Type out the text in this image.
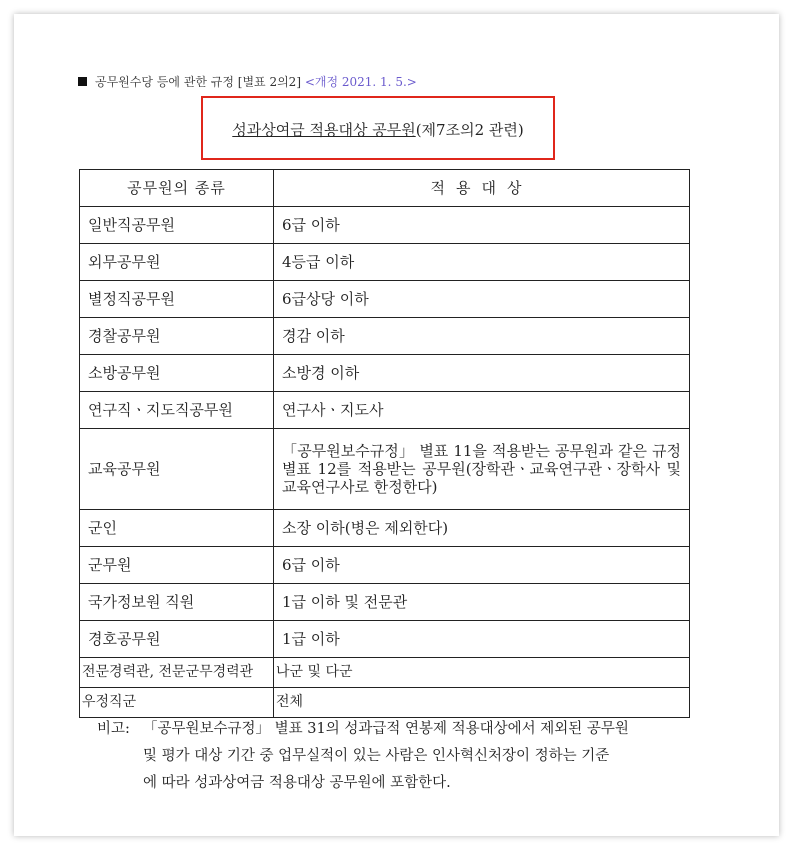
공무원수당 등에 관한 규정 [별표 2의2] <개정 2021. 1. 5.>
성과상여금 적용대상 공무원(제7조의2 관련)
공무원의 종류	적용대상
일반직공무원	6급 이하
외무공무원	4등급 이하
별정직공무원	6급상당 이하
경찰공무원	경감 이하
소방공무원	소방경 이하
연구직ㆍ지도직공무원	연구사ㆍ지도사
교육공무원	「공무원보수규정」 별표 11을 적용받는 공무원과 같은 규정 별표 12를 적용받는 공무원(장학관ㆍ교육연구관ㆍ장학사 및 교육연구사로 한정한다)
군인	소장 이하(병은 제외한다)
군무원	6급 이하
국가정보원 직원	1급 이하 및 전문관
경호공무원	1급 이하
전문경력관, 전문군무경력관	나군 및 다군
우정직군	전체
비고: 「공무원보수규정」 별표 31의 성과급적 연봉제 적용대상에서 제외된 공무원
및 평가 대상 기간 중 업무실적이 있는 사람은 인사혁신처장이 정하는 기준
에 따라 성과상여금 적용대상 공무원에 포함한다.
